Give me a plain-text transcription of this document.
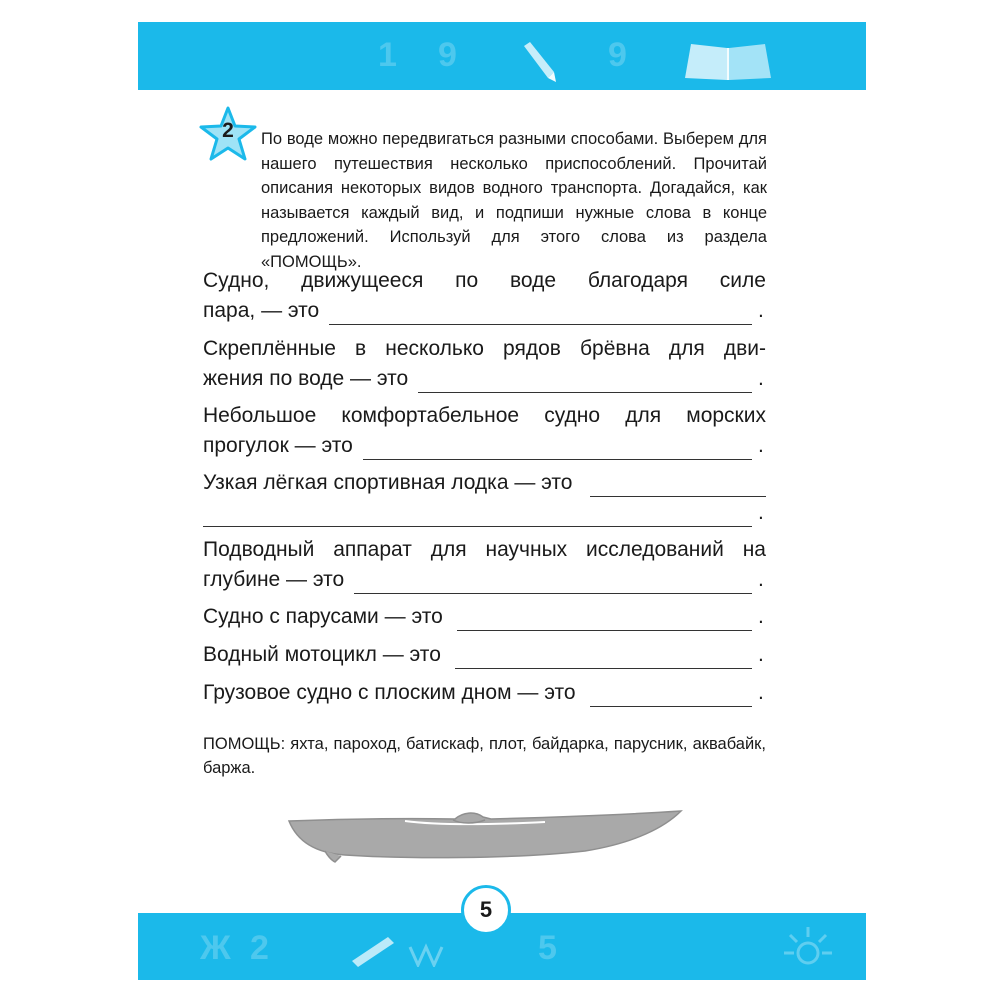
1 9	9
2	По воде можно передвигаться разными способами. Выберем для нашего путешествия несколько приспособлений. Прочитай описания некоторых видов водного транспорта. Догадайся, как называется каждый вид, и подпиши нужные слова в конце предложений. Используй для этого слова из раздела «ПОМОЩЬ».

Судно, движущееся по воде благодаря силе
пара, — это	.
Скреплённые в несколько рядов брёвна для дви-
жения по воде — это	.
Небольшое комфортабельное судно для морских
прогулок — это	.
Узкая лёгкая спортивная лодка — это
.
Подводный аппарат для научных исследований на
глубине — это	.
Судно с парусами — это	.
Водный мотоцикл — это	.
Грузовое судно с плоским дном — это	.

ПОМОЩЬ: яхта, пароход, батискаф, плот, байдарка, парусник, аквабайк, баржа.

Ж 2	5
5
